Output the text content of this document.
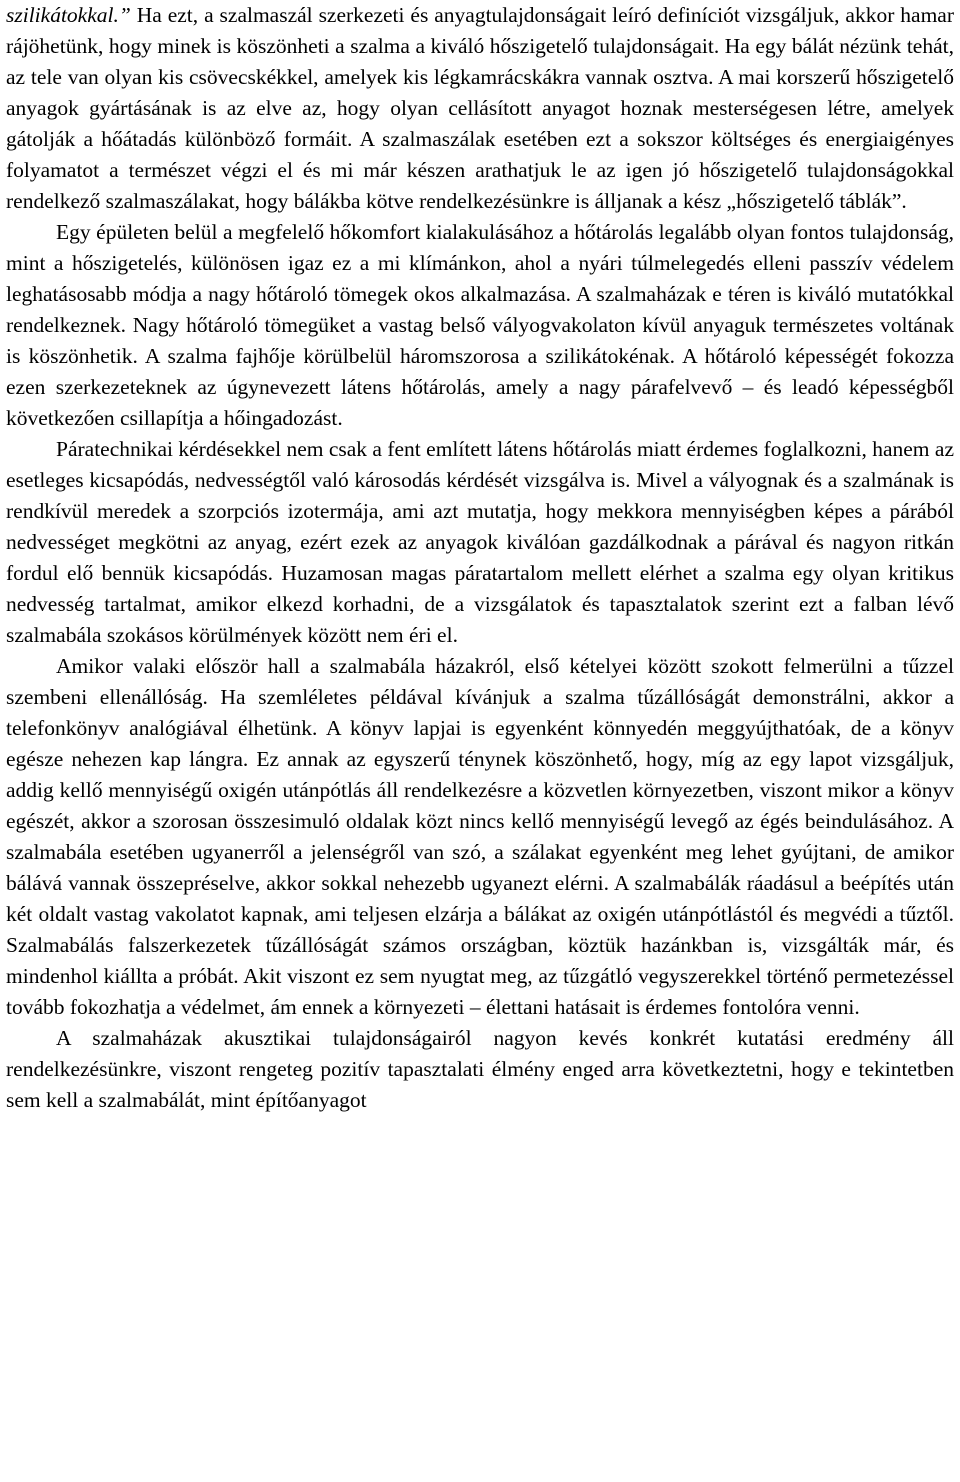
szilikátokkal.” Ha ezt, a szalmaszál szerkezeti és anyagtulajdonságait leíró definíciót vizsgáljuk, akkor hamar rájöhetünk, hogy minek is köszönheti a szalma a kiváló hőszigetelő tulajdonságait. Ha egy bálát nézünk tehát, az tele van olyan kis csövecskékkel, amelyek kis légkamrácskákra vannak osztva. A mai korszerű hőszigetelő anyagok gyártásának is az elve az, hogy olyan cellásított anyagot hoznak mesterségesen létre, amelyek gátolják a hőátadás különböző formáit. A szalmaszálak esetében ezt a sokszor költséges és energiaigényes folyamatot a természet végzi el és mi már készen arathatjuk le az igen jó hőszigetelő tulajdonságokkal rendelkező szalmaszálakat, hogy bálákba kötve rendelkezésünkre is álljanak a kész „hőszigetelő táblák”.

Egy épületen belül a megfelelő hőkomfort kialakulásához a hőtárolás legalább olyan fontos tulajdonság, mint a hőszigetelés, különösen igaz ez a mi klímánkon, ahol a nyári túlmelegedés elleni passzív védelem leghatásosabb módja a nagy hőtároló tömegek okos alkalmazása. A szalmaházak e téren is kiváló mutatókkal rendelkeznek. Nagy hőtároló tömegüket a vastag belső vályogvakolaton kívül anyaguk természetes voltának is köszönhetik. A szalma fajhője körülbelül háromszorosa a szilikátokénak. A hőtároló képességét fokozza ezen szerkezeteknek az úgynevezett látens hőtárolás, amely a nagy párafelvevő – és leadó képességből következően csillapítja a hőingadozást.

Páratechnikai kérdésekkel nem csak a fent említett látens hőtárolás miatt érdemes foglalkozni, hanem az esetleges kicsapódás, nedvességtől való károsodás kérdését vizsgálva is. Mivel a vályognak és a szalmának is rendkívül meredek a szorpciós izotermája, ami azt mutatja, hogy mekkora mennyiségben képes a párából nedvességet megkötni az anyag, ezért ezek az anyagok kiválóan gazdálkodnak a párával és nagyon ritkán fordul elő bennük kicsapódás. Huzamosan magas páratartalom mellett elérhet a szalma egy olyan kritikus nedvesség tartalmat, amikor elkezd korhadni, de a vizsgálatok és tapasztalatok szerint ezt a falban lévő szalmabála szokásos körülmények között nem éri el.

Amikor valaki először hall a szalmabála házakról, első kételyei között szokott felmerülni a tűzzel szembeni ellenállóság. Ha szemléletes példával kívánjuk a szalma tűzállóságát demonstrálni, akkor a telefonkönyv analógiával élhetünk. A könyv lapjai is egyenként könnyedén meggyújthatóak, de a könyv egésze nehezen kap lángra. Ez annak az egyszerű ténynek köszönhető, hogy, míg az egy lapot vizsgáljuk, addig kellő mennyiségű oxigén utánpótlás áll rendelkezésre a közvetlen környezetben, viszont mikor a könyv egészét, akkor a szorosan összesimuló oldalak közt nincs kellő mennyiségű levegő az égés beindulásához. A szalmabála esetében ugyanerről a jelenségről van szó, a szálakat egyenként meg lehet gyújtani, de amikor bálává vannak összepréselve, akkor sokkal nehezebb ugyanezt elérni. A szalmabálák ráadásul a beépítés után két oldalt vastag vakolatot kapnak, ami teljesen elzárja a bálákat az oxigén utánpótlástól és megvédi a tűztől. Szalmabálás falszerkezetek tűzállóságát számos országban, köztük hazánkban is, vizsgálták már, és mindenhol kiállta a próbát. Akit viszont ez sem nyugtat meg, az tűzgátló vegyszerekkel történő permetezéssel tovább fokozhatja a védelmet, ám ennek a környezeti – élettani hatásait is érdemes fontolóra venni.

A szalmaházak akusztikai tulajdonságairól nagyon kevés konkrét kutatási eredmény áll rendelkezésünkre, viszont rengeteg pozitív tapasztalati élmény enged arra következtetni, hogy e tekintetben sem kell a szalmabálát, mint építőanyagot
